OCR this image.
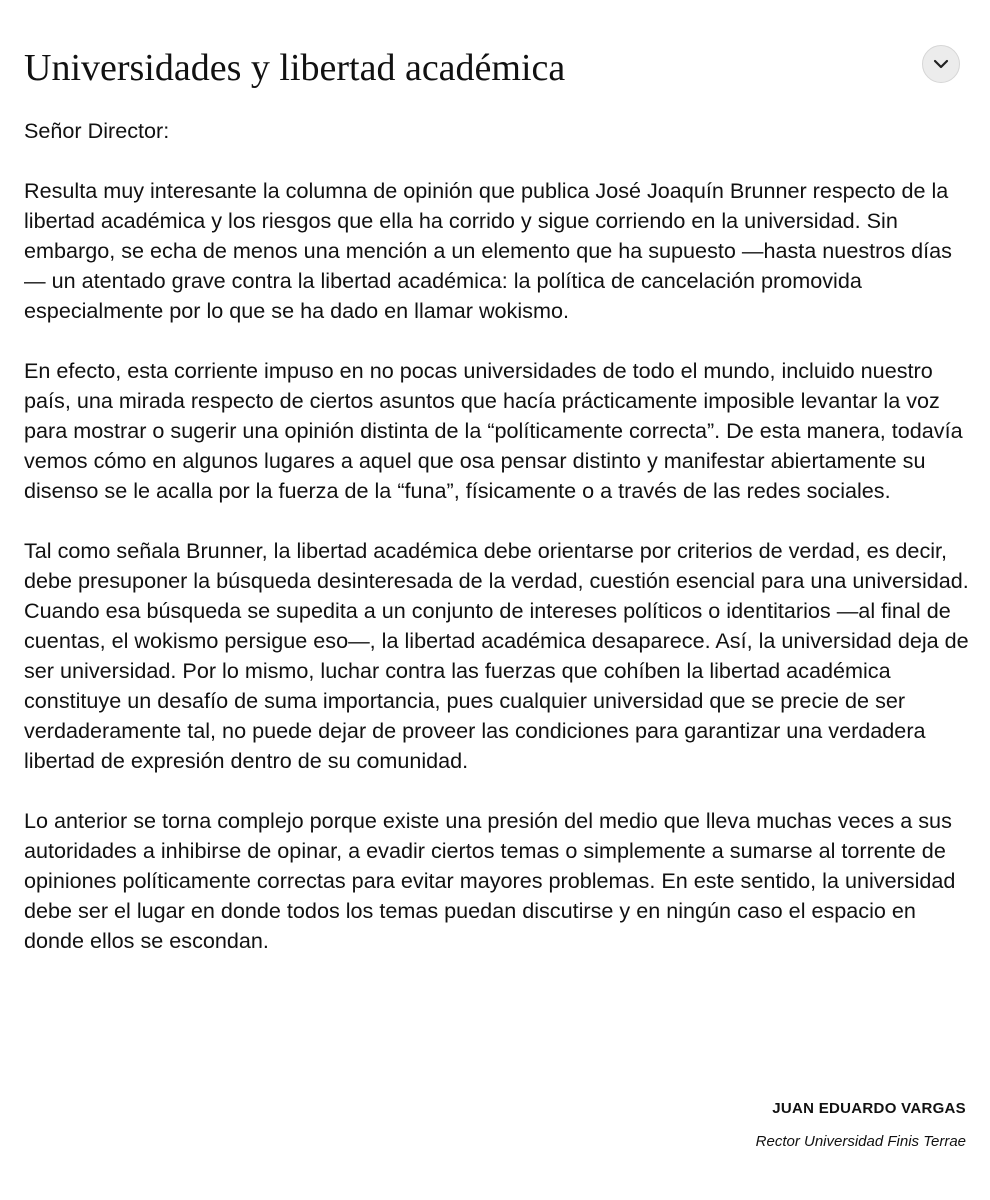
Universidades y libertad académica

Señor Director:

Resulta muy interesante la columna de opinión que publica José Joaquín Brunner respecto de la libertad académica y los riesgos que ella ha corrido y sigue corriendo en la universidad. Sin embargo, se echa de menos una mención a un elemento que ha supuesto —hasta nuestros días— un atentado grave contra la libertad académica: la política de cancelación promovida especialmente por lo que se ha dado en llamar wokismo.

En efecto, esta corriente impuso en no pocas universidades de todo el mundo, incluido nuestro país, una mirada respecto de ciertos asuntos que hacía prácticamente imposible levantar la voz para mostrar o sugerir una opinión distinta de la “políticamente correcta”. De esta manera, todavía vemos cómo en algunos lugares a aquel que osa pensar distinto y manifestar abiertamente su disenso se le acalla por la fuerza de la “funa”, físicamente o a través de las redes sociales.

Tal como señala Brunner, la libertad académica debe orientarse por criterios de verdad, es decir, debe presuponer la búsqueda desinteresada de la verdad, cuestión esencial para una universidad. Cuando esa búsqueda se supedita a un conjunto de intereses políticos o identitarios —al final de cuentas, el wokismo persigue eso—, la libertad académica desaparece. Así, la universidad deja de ser universidad. Por lo mismo, luchar contra las fuerzas que cohíben la libertad académica constituye un desafío de suma importancia, pues cualquier universidad que se precie de ser verdaderamente tal, no puede dejar de proveer las condiciones para garantizar una verdadera libertad de expresión dentro de su comunidad.

Lo anterior se torna complejo porque existe una presión del medio que lleva muchas veces a sus autoridades a inhibirse de opinar, a evadir ciertos temas o simplemente a sumarse al torrente de opiniones políticamente correctas para evitar mayores problemas. En este sentido, la universidad debe ser el lugar en donde todos los temas puedan discutirse y en ningún caso el espacio en donde ellos se escondan.

JUAN EDUARDO VARGAS
Rector Universidad Finis Terrae
